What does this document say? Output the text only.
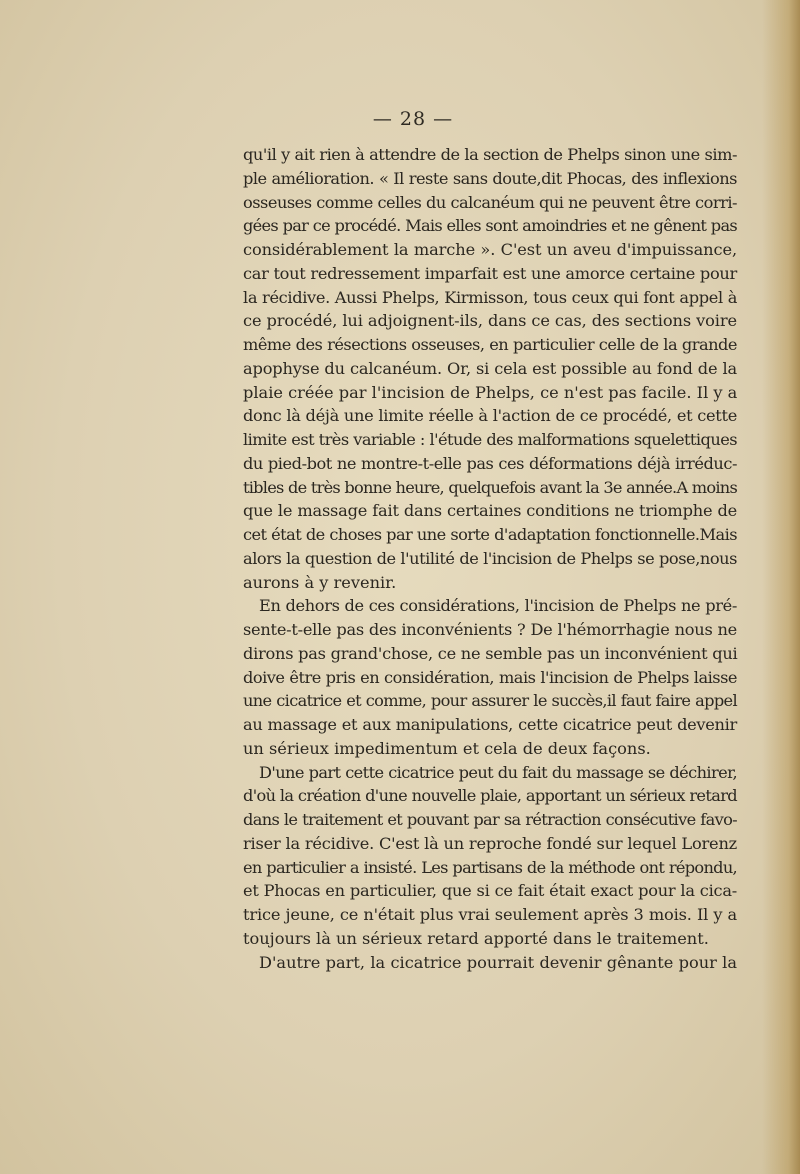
— 28 —
qu'il y ait rien à attendre de la section de Phelps sinon une sim-
ple amélioration. « Il reste sans doute,dit Phocas, des inflexions
osseuses comme celles du calcanéum qui ne peuvent être corri-
gées par ce procédé. Mais elles sont amoindries et ne gênent pas
considérablement la marche ». C'est un aveu d'impuissance,
car tout redressement imparfait est une amorce certaine pour
la récidive. Aussi Phelps, Kirmisson, tous ceux qui font appel à
ce procédé, lui adjoignent-ils, dans ce cas, des sections voire
même des résections osseuses, en particulier celle de la grande
apophyse du calcanéum. Or, si cela est possible au fond de la
plaie créée par l'incision de Phelps, ce n'est pas facile. Il y a
donc là déjà une limite réelle à l'action de ce procédé, et cette
limite est très variable : l'étude des malformations squelettiques
du pied-bot ne montre-t-elle pas ces déformations déjà irréduc-
tibles de très bonne heure, quelquefois avant la 3e année.A moins
que le massage fait dans certaines conditions ne triomphe de
cet état de choses par une sorte d'adaptation fonctionnelle.Mais
alors la question de l'utilité de l'incision de Phelps se pose,nous
aurons à y revenir.
En dehors de ces considérations, l'incision de Phelps ne pré-
sente-t-elle pas des inconvénients ? De l'hémorrhagie nous ne
dirons pas grand'chose, ce ne semble pas un inconvénient qui
doive être pris en considération, mais l'incision de Phelps laisse
une cicatrice et comme, pour assurer le succès,il faut faire appel
au massage et aux manipulations, cette cicatrice peut devenir
un sérieux impedimentum et cela de deux façons.
D'une part cette cicatrice peut du fait du massage se déchirer,
d'où la création d'une nouvelle plaie, apportant un sérieux retard
dans le traitement et pouvant par sa rétraction consécutive favo-
riser la récidive. C'est là un reproche fondé sur lequel Lorenz
en particulier a insisté. Les partisans de la méthode ont répondu,
et Phocas en particulier, que si ce fait était exact pour la cica-
trice jeune, ce n'était plus vrai seulement après 3 mois. Il y a
toujours là un sérieux retard apporté dans le traitement.
D'autre part, la cicatrice pourrait devenir gênante pour la
